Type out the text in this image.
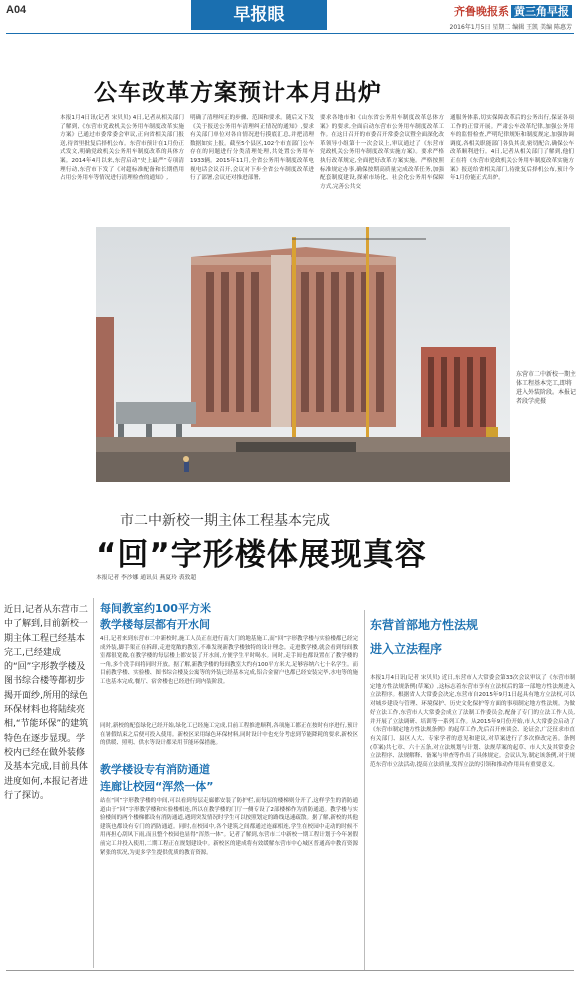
A04	早报眼	齐鲁晚报系 黄三角早报
2016年1月5日 星期二 编辑 王凯 美编 陈惠芳
公车改革方案预计本月出炉
本报1月4日讯(记者 宋贝贝) 4日,记者从相关部门了解到,《东营市党政机关公务用车制度改革实施方案》已通过市委常委会审议,正向省相关部门报送,待省里批复后择机公布。东营市预计在1月份正式发文,明确党政机关公务用车制度改革的具体方案。2014年4月以来,东营启动“史上最严”专项清理行动,东营市下发了《对超标准配备和长期借用占用公务用车等情况进行清理检查的通知》,
明确了清理纠正的步骤、范围和要求。随后又下发《关于报送公务用车清理纠正情况的通知》,要求有关部门单位对各自情况进行摸底汇总,并把清理数据如实上报。截至5个县区,102个市直部门公车存在的问题进行分类清理处理,共处置公务用车1933辆。2015年11月,全省公务用车制度改革电视电话会议召开,会议对下步全省公车制度改革进行了部署,会议还对推进部署,
要求各地市和《山东省公务用车制度改革总体方案》的要求,全面启动东营市公务用车制度改革工作。在这日召开的市委召开常委会议暨全面深化改革领导小组第十一次会议上,审议通过了《东营市党政机关公务用车制度改革实施方案》。要求严格执行改革规定,全面把好改革方案实施。严格按照标准规定办事,确保按期高质量完成改革任务,加强配套制度建设,探索市场化、社会化公务用车保障方式,完善公共交
通服务体系,切实保障改革后的公务出行,保证各项工作的正常开展。严肃公车改革纪律,加强公务用车的监督检查,严明纪律规矩和制度规定,加强协调调度,各相关职能部门各负其责,密切配合,确保公车改革顺利进行。4日,记者从相关部门了解到,他们正在将《东营市党政机关公务用车制度改革实施方案》报送给省相关部门,待批复后择机公布,预计今年1月份能正式出炉。
东营市二中新校一期主体工程基本完工,即将进入外装阶段。本报记者段学虎摄
市二中新校一期主体工程基本完成
“回”字形楼体展现真容
本报记者 李沙娜 通讯员 燕夏玲 裘敦超
近日,记者从东营市二中了解到,目前新校一期主体工程已经基本完工,已经建成的“回”字形教学楼及图书综合楼等都初步揭开面纱,所用的绿色环保材料也将陆续亮相,“节能环保”的建筑特色在逐步显现。学校内已经在做外装修及基本完成,目前具体进度如何,本报记者进行了探访。
每间教室约100平方米
教学楼每层都有开水间
4日,记者来到东营市二中新校时,施工人员正在进行南大门的地基施工,而“回”字形教学楼与实验楼都已经完成外装,脚手架正在拆卸,走进宽敞的教室,不难发现新教学楼独特的设计理念。走进教学楼,就会看到每间教室都很宽敞,在教学楼的每层楼上都安装了开水间,方便学生平时喝水。同时,走手间也都设置在了教学楼的一角,多个洗手间将同时开放。据了解,新教学楼的每间教室大约有100平方米大,足够容纳六七十名学生。而目前教学楼、实验楼、图书综合楼及公寓等的外装已经基本完成,铝合金窗户也都已经安装完毕,水电等的施工也基本完成,餐厅、宿舍楼也已经进行到内装阶段。
同时,新校的配套绿化已经开始,绿化工已经施工完成,目前工程推进顺利,各项施工都正在按时有序进行,预计在暑假结束之后便可投入使用。新校区采用绿色环保材料,同时设计中也充分考虑到节能降耗的要求,新校区的供暖、照明、供水等设计都采用节能环保措施。
教学楼设专有消防通道
连廊让校园“浑然一体”
站在“回”字形教学楼的中间,可以看到每层走廊都安装了防护栏,而每层的楼梯则分开了,这样学生的消防通道由于“回”字形教学楼和实验楼相连,所以在教学楼的门厅一侧专设了2部楼梯作为消防通道。教学楼与实验楼间的两个楼梯都设有消防通道,遇到突发情况时学生可以按照划定的路线迅速疏散。据了解,新校的其他建筑也都设有专门的消防通道。同时,在校园中,各个建筑之间都通过连廊相连,学生在校园中走动的时候不用再担心刮风下雨,而且整个校园也显得“浑然一体”。记者了解到,东营市二中新校一期工程计划于今年暑假前完工并投入使用,二期工程正在规划建设中。新校区的建成将有效缓解东营市中心城区普通高中教育资源紧张的状况,为更多学生提供优质的教育资源。
东营首部地方性法规
进入立法程序
本报1月4日讯(记者 宋贝贝) 近日,东营市人大常委会第33次会议审议了《东营市制定地方性法规条例(草案)》,这标志着东营市享有立法权后的第一部地方性法规进入立法程序。根据省人大常委会决定,东营市自2015年9月1日起具有地方立法权,可以对城乡建设与管理、环境保护、历史文化保护等方面的事项制定地方性法规。为做好立法工作,东营市人大常委会成立了法制工作委员会,配备了专门的立法工作人员,并开展了立法调研、培训等一系列工作。从2015年9月份开始,市人大常委会启动了《东营市制定地方性法规条例》的起草工作,先后召开座谈会、论证会,广泛征求市直有关部门、县区人大、专家学者的意见和建议,对草案进行了多次修改完善。条例(草案)共七章、六十五条,对立法规划与计划、法规草案的起草、市人大及其常委会立法程序、法规解释、备案与审查等作出了具体规定。会议认为,制定该条例,对于规范东营市立法活动,提高立法质量,发挥立法的引领和推动作用具有重要意义。
